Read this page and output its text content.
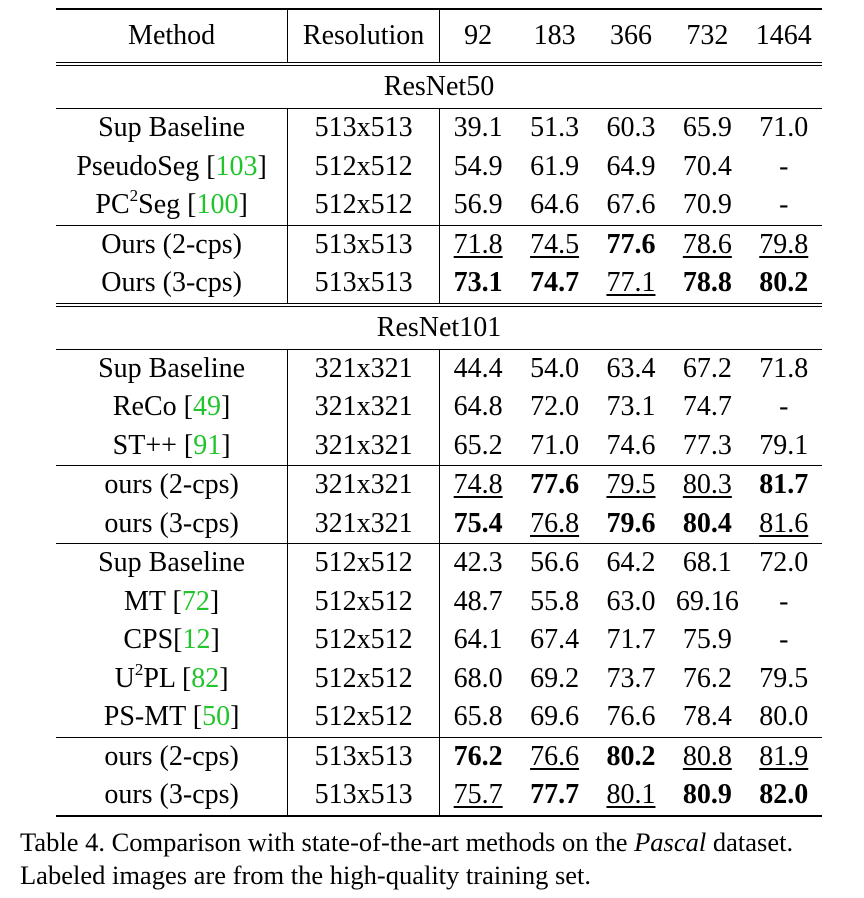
Method	Resolution	92	183	366	732	1464
ResNet50						
Sup Baseline	513x513	39.1	51.3	60.3	65.9	71.0
PseudoSeg [103]	512x512	54.9	61.9	64.9	70.4	-
$PC^2Seg$ [100]	512x512	56.9	64.6	67.6	70.9	-
Ours (2-cps)	513x513	71.8	74.5	77.6	78.6	79.8
Ours (3-cps)	513x513	73.1	74.7	77.1	78.8	80.2
ResNet101						
Sup Baseline	321x321	44.4	54.0	63.4	67.2	71.8
ReCo [49]	321x321	64.8	72.0	73.1	74.7	-
ST++ [91]	321x321	65.2	71.0	74.6	77.3	79.1
ours (2-cps)	321x321	74.8	77.6	79.5	80.3	81.7
ours (3-cps)	321x321	75.4	76.8	79.6	80.4	81.6
Sup Baseline	512x512	42.3	56.6	64.2	68.1	72.0
MT [72]	512x512	48.7	55.8	63.0	69.16	-
CPS[12]	512x512	64.1	67.4	71.7	75.9	-
$U^2PL$ [82]	512x512	68.0	69.2	73.7	76.2	79.5
PS-MT [50]	512x512	65.8	69.6	76.6	78.4	80.0
ours (2-cps)	513x513	76.2	76.6	80.2	80.8	81.9
ours (3-cps)	513x513	75.7	77.7	80.1	80.9	82.0
Table 4. Comparison with state-of-the-art methods on the Pascal dataset. Labeled images are from the high-quality training set.
